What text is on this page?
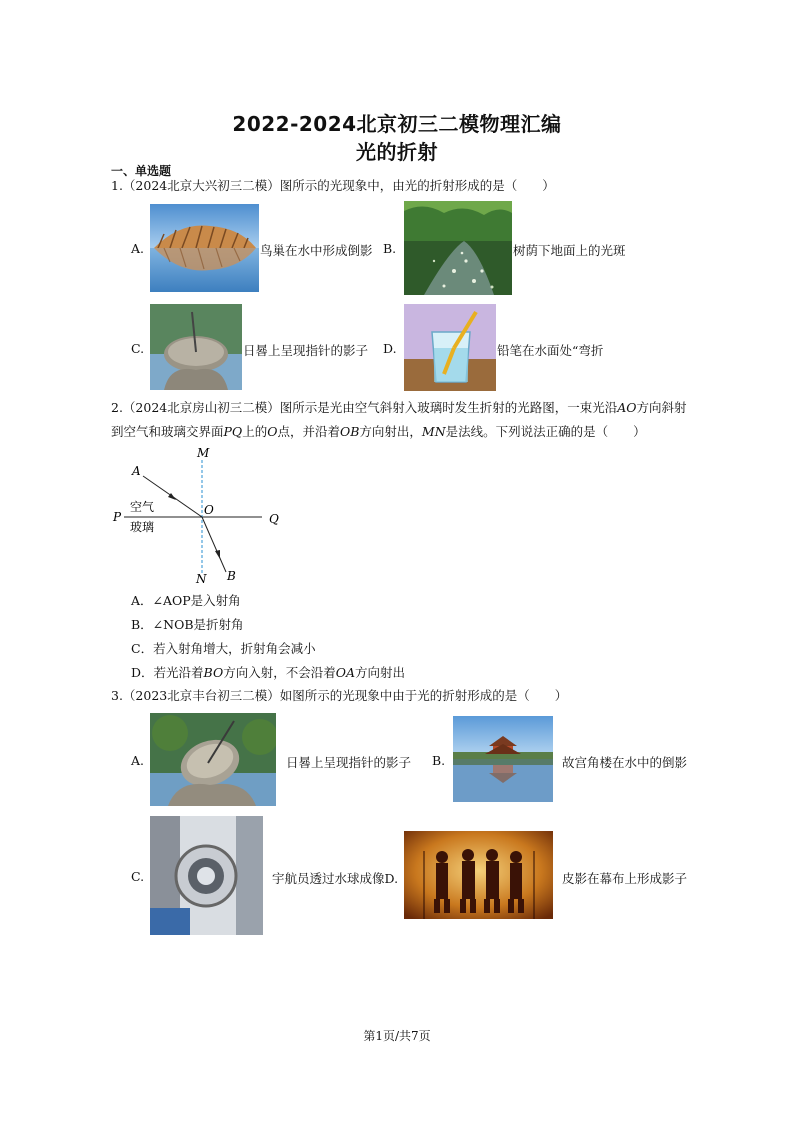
2022-2024北京初三二模物理汇编
光的折射
一、单选题
1.（2024北京大兴初三二模）图所示的光现象中，由光的折射形成的是（　　）
A.	鸟巢在水中形成倒影 B.	树荫下地面上的光斑
C.	日晷上呈现指针的影子 D.	铅笔在水面处“弯折
2.（2024北京房山初三二模）图所示是光由空气斜射入玻璃时发生折射的光路图，一束光沿AO方向斜射
到空气和玻璃交界面PQ上的O点，并沿着OB方向射出，MN是法线。下列说法正确的是（　　）
A
M
P	O
Q
N B
空气
玻璃
A．∠AOP是入射角
B．∠NOB是折射角
C．若入射角增大，折射角会减小
D．若光沿着BO方向入射，不会沿着OA方向射出
3.（2023北京丰台初三二模）如图所示的光现象中由于光的折射形成的是（　　）
A.	日晷上呈现指针的影子 B.	故宫角楼在水中的倒影
C.	宇航员透过水球成像D.	皮影在幕布上形成影子
第1页/共7页
